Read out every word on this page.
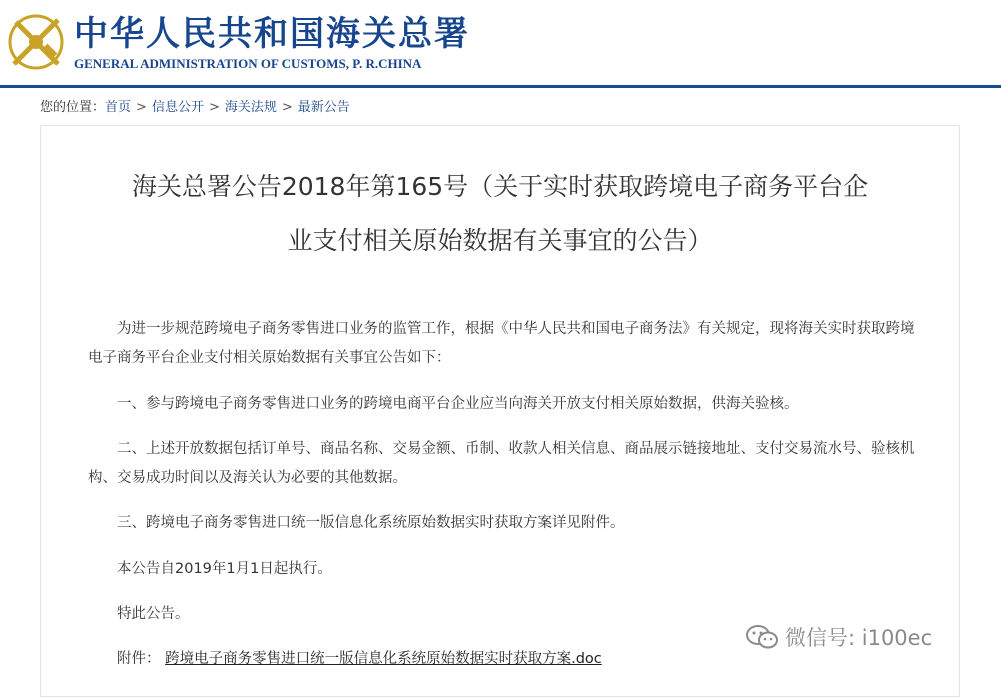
中华人民共和国海关总署
GENERAL ADMINISTRATION OF CUSTOMS, P. R.CHINA
您的位置：首页 > 信息公开 > 海关法规 > 最新公告
海关总署公告2018年第165号（关于实时获取跨境电子商务平台企
业支付相关原始数据有关事宜的公告）
为进一步规范跨境电子商务零售进口业务的监管工作，根据《中华人民共和国电子商务法》有关规定，现将海关实时获取跨境电子商务平台企业支付相关原始数据有关事宜公告如下：
一、参与跨境电子商务零售进口业务的跨境电商平台企业应当向海关开放支付相关原始数据，供海关验核。
二、上述开放数据包括订单号、商品名称、交易金额、币制、收款人相关信息、商品展示链接地址、支付交易流水号、验核机构、交易成功时间以及海关认为必要的其他数据。
三、跨境电子商务零售进口统一版信息化系统原始数据实时获取方案详见附件。
本公告自2019年1月1日起执行。
特此公告。
附件： 跨境电子商务零售进口统一版信息化系统原始数据实时获取方案.doc
微信号: i100ec
